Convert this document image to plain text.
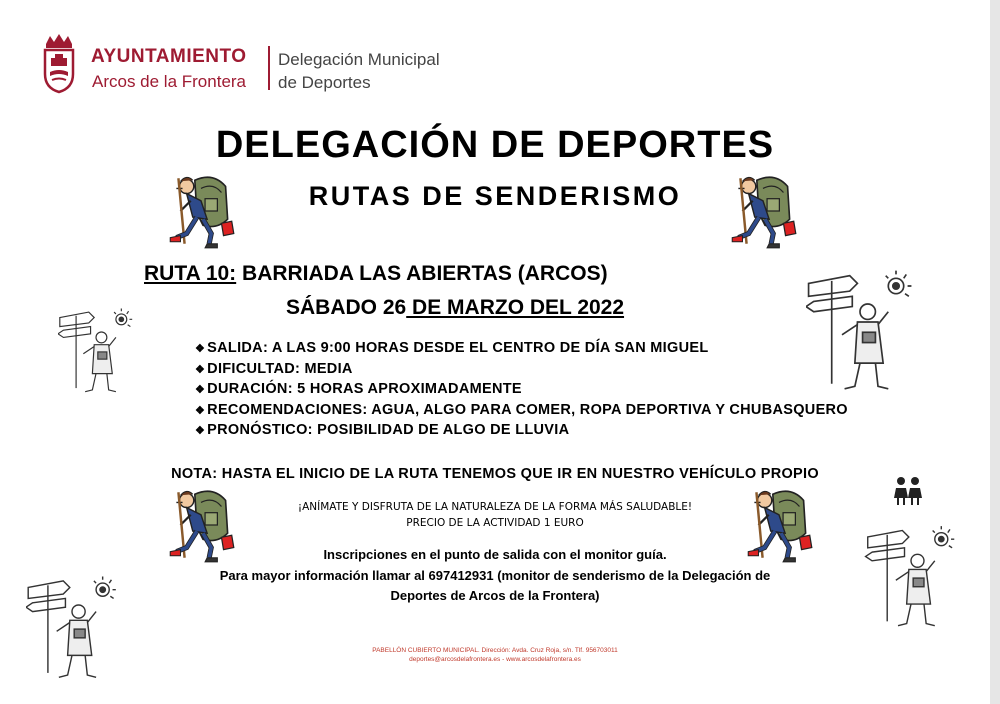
AYUNTAMIENTO
Arcos de la Frontera
Delegación Municipal
de Deportes
DELEGACIÓN DE DEPORTES
RUTAS DE SENDERISMO
RUTA 10: BARRIADA LAS ABIERTAS (ARCOS)
SÁBADO 26 DE MARZO DEL 2022
❖ SALIDA: A LAS 9:00 HORAS DESDE EL CENTRO DE DÍA SAN MIGUEL
❖ DIFICULTAD: MEDIA
❖ DURACIÓN: 5 HORAS APROXIMADAMENTE
❖ RECOMENDACIONES: AGUA, ALGO PARA COMER, ROPA DEPORTIVA Y CHUBASQUERO
❖ PRONÓSTICO: POSIBILIDAD DE ALGO DE LLUVIA
NOTA: HASTA EL INICIO DE LA RUTA TENEMOS QUE IR EN NUESTRO VEHÍCULO PROPIO
¡ANÍMATE Y DISFRUTA DE LA NATURALEZA DE LA FORMA MÁS SALUDABLE!
PRECIO DE LA ACTIVIDAD 1 EURO
Inscripciones en el punto de salida con el monitor guía.
Para mayor información llamar al 697412931 (monitor de senderismo de la Delegación de
Deportes de Arcos de la Frontera)
PABELLÓN CUBIERTO MUNICIPAL. Dirección: Avda. Cruz Roja, s/n. Tlf. 956703011
deportes@arcosdelafrontera.es - www.arcosdelafrontera.es
